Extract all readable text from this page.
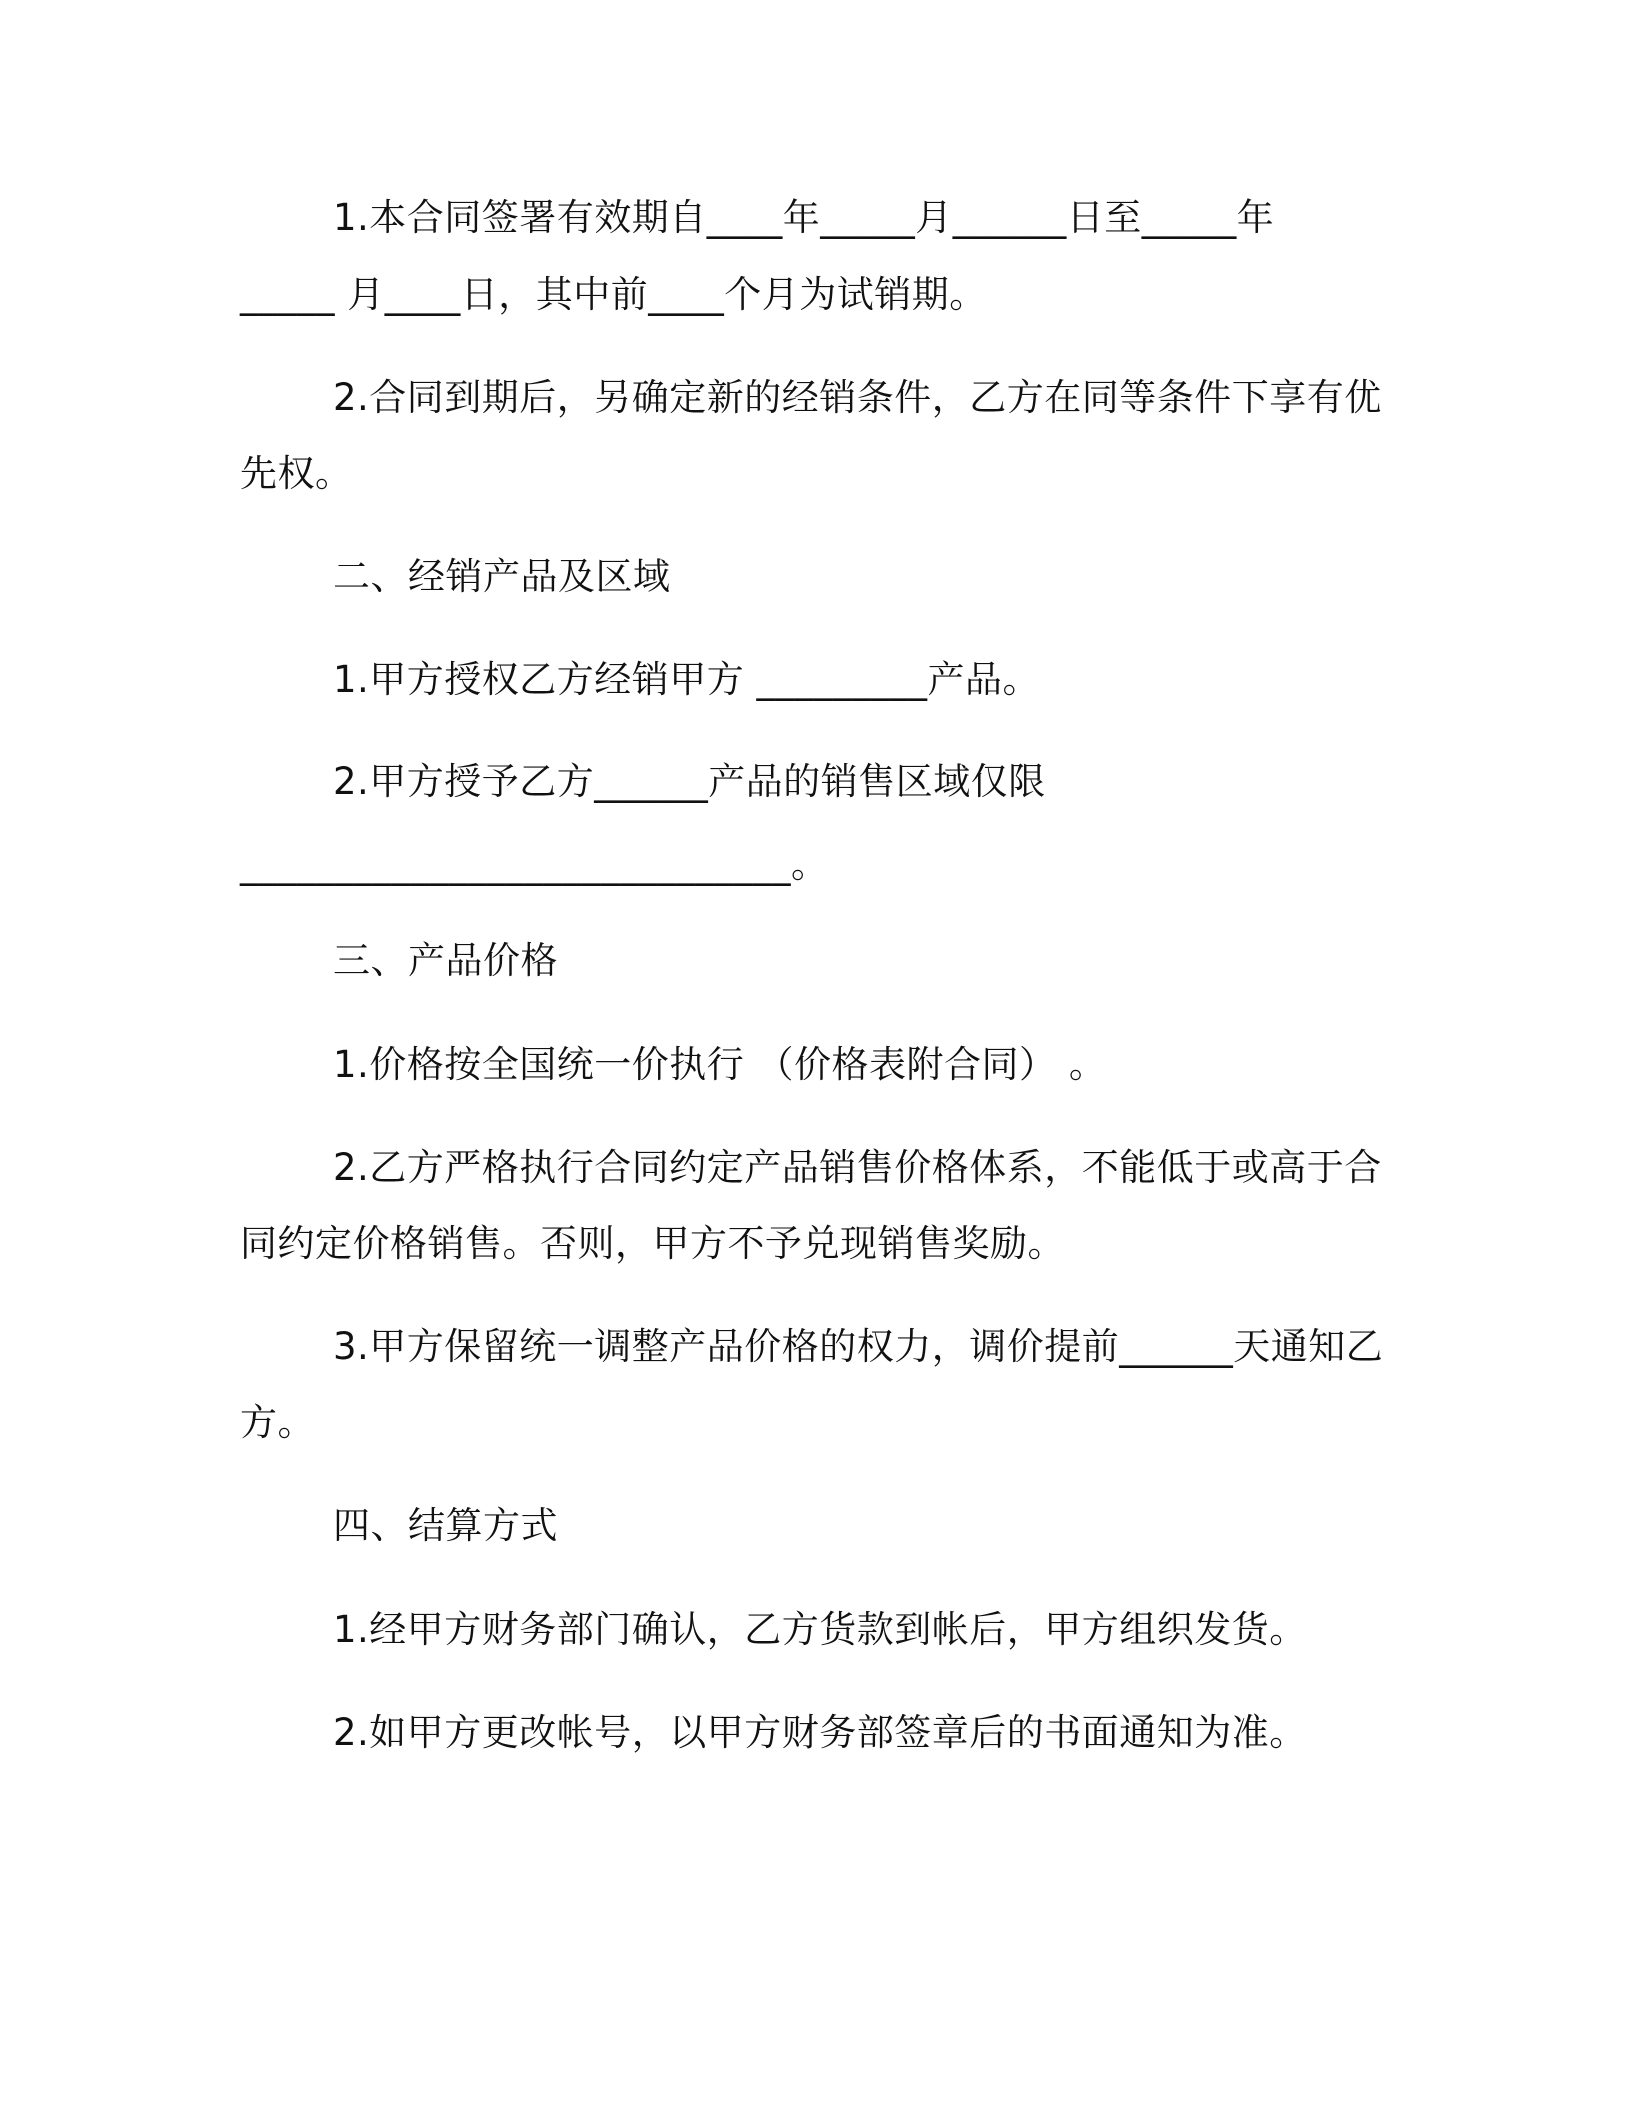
1.本合同签署有效期自____年_____月______日至_____年
_____ 月____日，其中前____个月为试销期。
2.合同到期后，另确定新的经销条件，乙方在同等条件下享有优
先权。
二、经销产品及区域
1.甲方授权乙方经销甲方 _________产品。
2.甲方授予乙方______产品的销售区域仅限
_____________________________。
三、产品价格
1.价格按全国统一价执行 （价格表附合同） 。
2.乙方严格执行合同约定产品销售价格体系，不能低于或高于合
同约定价格销售。否则，甲方不予兑现销售奖励。
3.甲方保留统一调整产品价格的权力，调价提前______天通知乙
方。
四、结算方式
1.经甲方财务部门确认，乙方货款到帐后，甲方组织发货。
2.如甲方更改帐号，以甲方财务部签章后的书面通知为准。
